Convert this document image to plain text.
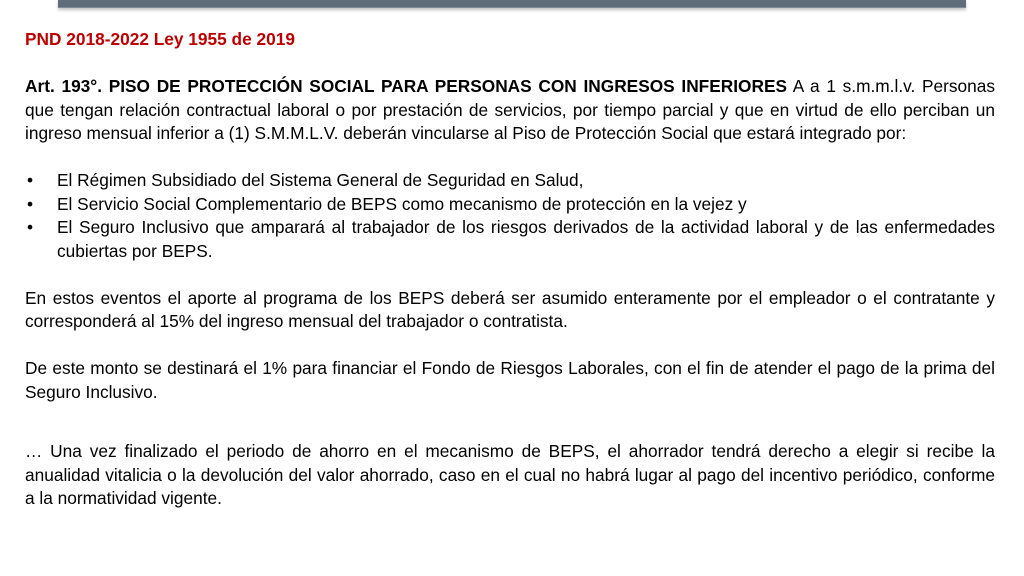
PND 2018-2022 Ley 1955 de 2019

Art. 193°. PISO DE PROTECCIÓN SOCIAL PARA PERSONAS CON INGRESOS INFERIORES A a 1 s.m.m.l.v. Personas que tengan relación contractual laboral o por prestación de servicios, por tiempo parcial y que en virtud de ello perciban un ingreso mensual inferior a (1) S.M.M.L.V. deberán vincularse al Piso de Protección Social que estará integrado por:

• El Régimen Subsidiado del Sistema General de Seguridad en Salud,
• El Servicio Social Complementario de BEPS como mecanismo de protección en la vejez y
• El Seguro Inclusivo que amparará al trabajador de los riesgos derivados de la actividad laboral y de las enfermedades cubiertas por BEPS.

En estos eventos el aporte al programa de los BEPS deberá ser asumido enteramente por el empleador o el contratante y corresponderá al 15% del ingreso mensual del trabajador o contratista.

De este monto se destinará el 1% para financiar el Fondo de Riesgos Laborales, con el fin de atender el pago de la prima del Seguro Inclusivo.

… Una vez finalizado el periodo de ahorro en el mecanismo de BEPS, el ahorrador tendrá derecho a elegir si recibe la anualidad vitalicia o la devolución del valor ahorrado, caso en el cual no habrá lugar al pago del incentivo periódico, conforme a la normatividad vigente.
